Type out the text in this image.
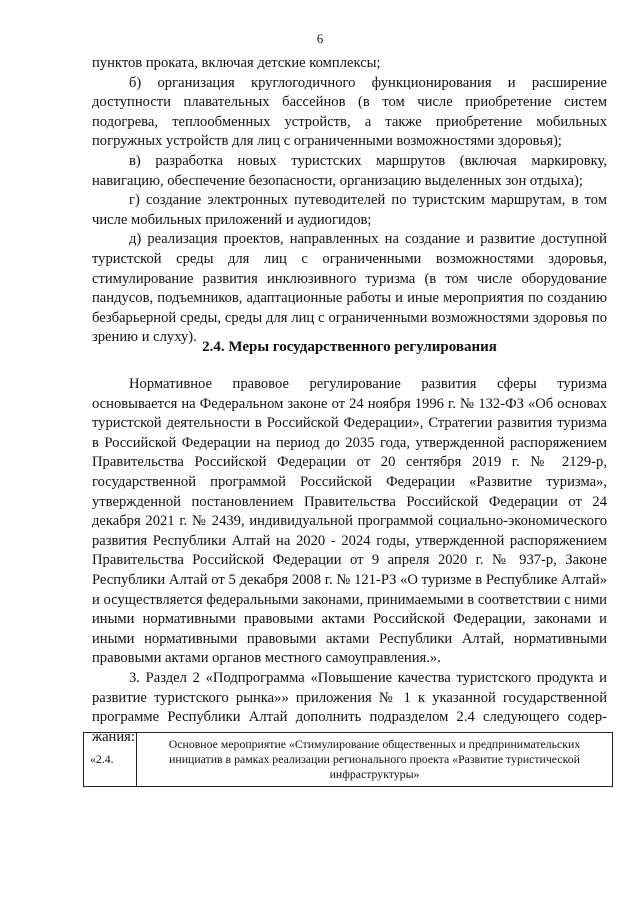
6

пунктов проката, включая детские комплексы;

б) организация круглогодичного функционирования и расширение доступности плавательных бассейнов (в том числе приобретение систем подогрева, теплообменных устройств, а также приобретение мобильных погружных устройств для лиц с ограниченными возможностями здоровья);

в) разработка новых туристских маршрутов (включая маркировку, навигацию, обеспечение безопасности, организацию выделенных зон отдыха);

г) создание электронных путеводителей по туристским маршрутам, в том числе мобильных приложений и аудиогидов;

д) реализация проектов, направленных на создание и развитие доступной туристской среды для лиц с ограниченными возможностями здоровья, стимулирование развития инклюзивного туризма (в том числе оборудование пандусов, подъемников, адаптационные работы и иные мероприятия по созданию безбарьерной среды, среды для лиц с ограниченными возможностями здоровья по зрению и слуху).

2.4. Меры государственного регулирования

Нормативное правовое регулирование развития сферы туризма основывается на Федеральном законе от 24 ноября 1996 г. № 132-ФЗ «Об основах туристской деятельности в Российской Федерации», Стратегии развития туризма в Российской Федерации на период до 2035 года, утвержденной распоряжением Правительства Российской Федерации от 20 сентября 2019 г. № 2129-р, государственной программой Российской Федерации «Развитие туризма», утвержденной постановлением Правительства Российской Федерации от 24 декабря 2021 г. № 2439, индивидуальной программой социально-экономического развития Республики Алтай на 2020 - 2024 годы, утвержденной распоряжением Правительства Российской Федерации от 9 апреля 2020 г. № 937-р, Законе Республики Алтай от 5 декабря 2008 г. № 121-РЗ «О туризме в Республике Алтай» и осуществляется федеральными законами, принимаемыми в соответствии с ними иными нормативными правовыми актами Российской Федерации, законами и иными нормативными правовыми актами Республики Алтай, нормативными правовыми актами органов местного самоуправления.».

3. Раздел 2 «Подпрограмма «Повышение качества туристского продукта и развитие туристского рынка»» приложения № 1 к указанной государственной программе Республики Алтай дополнить подразделом 2.4 следующего содер-жания:

«2.4.	Основное мероприятие «Стимулирование общественных и предпринимательских инициатив в рамках реализации регионального проекта «Развитие туристической инфраструктуры»
